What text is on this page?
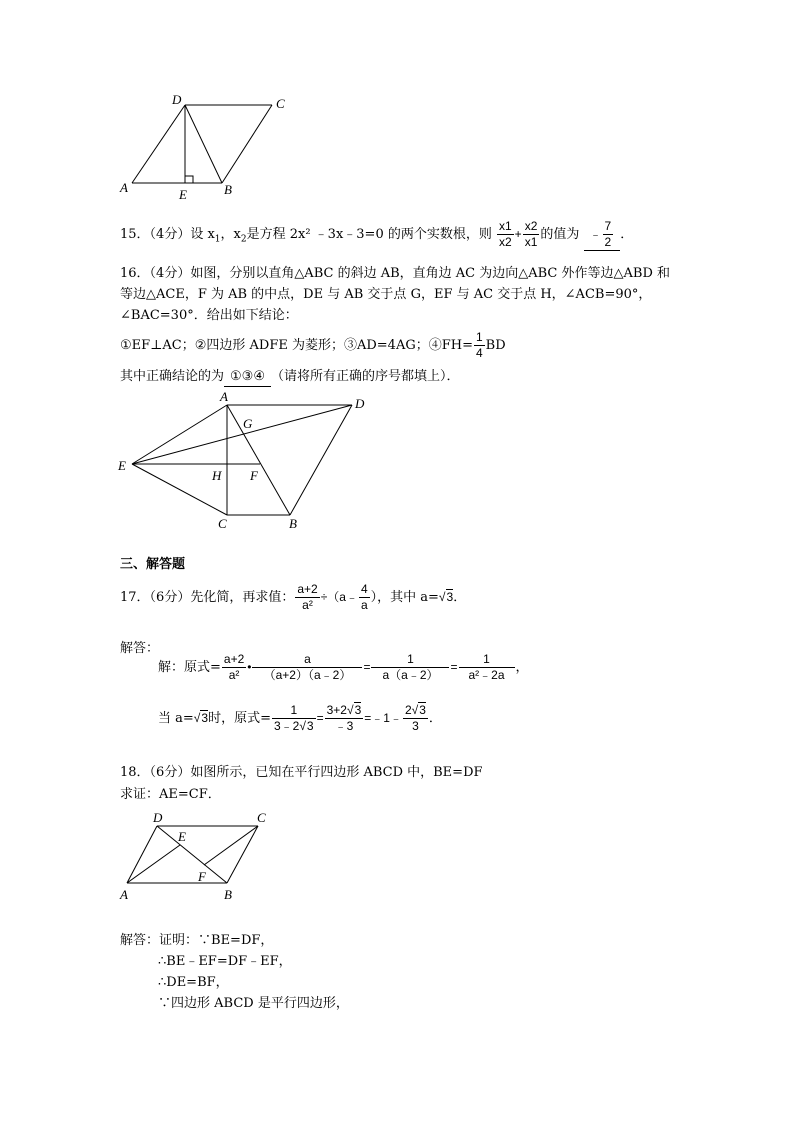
D	C
A	E	B
15．（4分）设 $x_1$，$x_2$是方程 2x² ﹣3x﹣3=0 的两个实数根，则 $\frac{x1}{x2} + \frac{x2}{x1}$ 的值为 ﹣ $\frac{7}{2}$ ．
16．（4分）如图，分别以直角△ABC 的斜边 AB，直角边 AC 为边向△ABC 外作等边△ABD 和
等边△ACE，F 为 AB 的中点，DE 与 AB 交于点 G，EF 与 AC 交于点 H，∠ACB=90°，
∠BAC=30°．给出如下结论：
①EF⊥AC；②四边形 ADFE 为菱形；③AD=4AG；④FH= $\frac{1}{4}$ BD
其中正确结论的为 ①③④ （请将所有正确的序号都填上）．
A	D
G
E
H F
C	B
三、解答题
17．（6分）先化简，再求值： $\frac{a+2}{\text{a²}}$ ÷（a﹣ $\frac{4}{a}$ ），其中 a=√3．
解答：
解：原式= $\frac{a+2}{\text{a²}}$ • $\frac{a}{(a+2)(a﹣2)} = \frac{1}{a(a﹣2)} = \frac{1}{\text{a²﹣2a}}$ ，
当 a=√3时，原式= $\frac{1}{3﹣2√3} = \frac{3+2√3}{﹣3}$ =﹣1﹣ $\frac{2√3}{3}$ ．
18．（6分）如图所示，已知在平行四边形 ABCD 中，BE=DF
求证：AE=CF．
D	C
E
F
A	B
解答：证明：∵BE=DF，
∴BE﹣EF=DF﹣EF，
∴DE=BF，
∵四边形 ABCD 是平行四边形，
